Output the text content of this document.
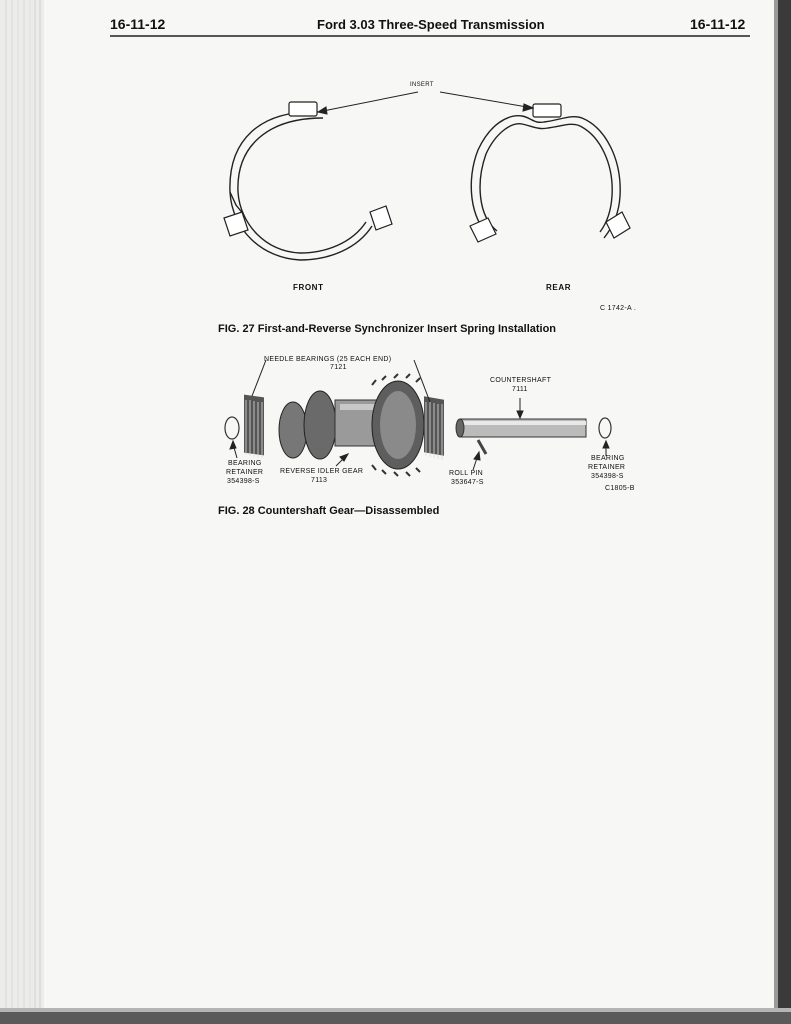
16-11-12	Ford 3.03 Three-Speed Transmission	16-11-12
INSERT
FRONT	REAR
C 1742-A .
FIG. 27 First-and-Reverse Synchronizer Insert Spring Installation
NEEDLE BEARINGS (25 EACH END)
7121
COUNTERSHAFT
7111
BEARING
RETAINER
354398-S
REVERSE IDLER GEAR
7113
ROLL PIN
353647-S
BEARING
RETAINER
354398-S
C1805-B
FIG. 28 Countershaft Gear—Disassembled
